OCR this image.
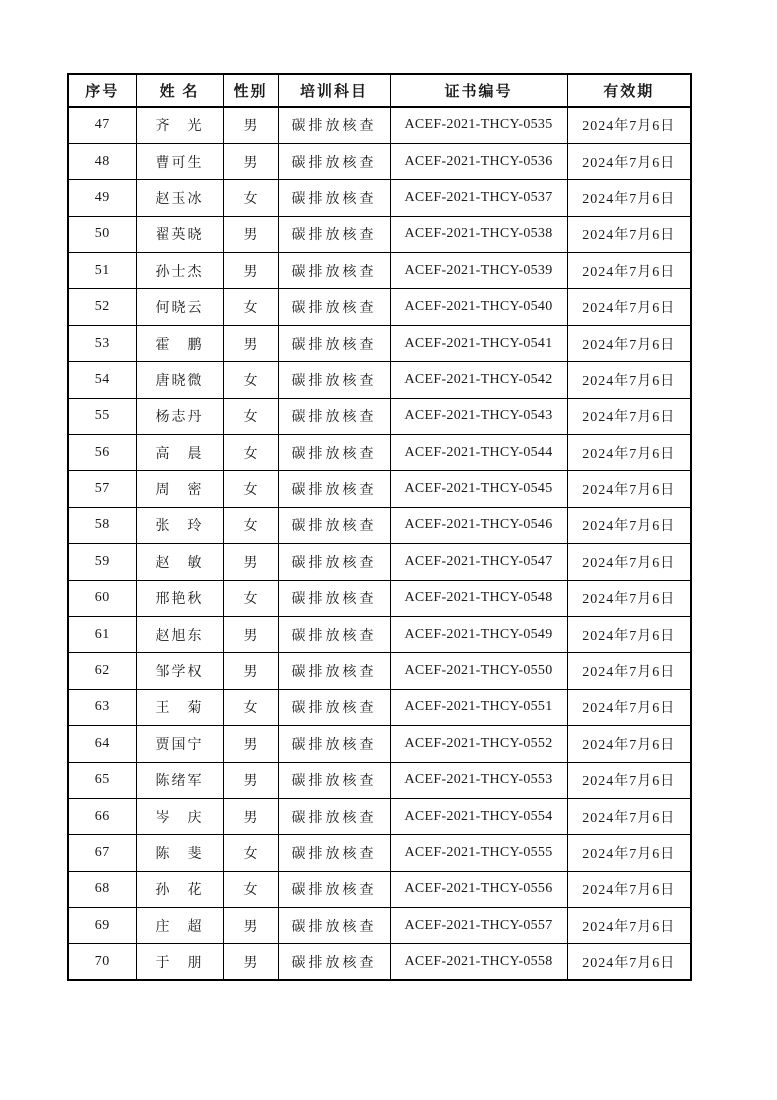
序号	姓 名	性别	培训科目	证书编号	有效期
47	齐　光	男	碳排放核查	ACEF-2021-THCY-0535	2024年7月6日
48	曹可生	男	碳排放核查	ACEF-2021-THCY-0536	2024年7月6日
49	赵玉冰	女	碳排放核查	ACEF-2021-THCY-0537	2024年7月6日
50	翟英晓	男	碳排放核查	ACEF-2021-THCY-0538	2024年7月6日
51	孙士杰	男	碳排放核查	ACEF-2021-THCY-0539	2024年7月6日
52	何晓云	女	碳排放核查	ACEF-2021-THCY-0540	2024年7月6日
53	霍　鹏	男	碳排放核查	ACEF-2021-THCY-0541	2024年7月6日
54	唐晓微	女	碳排放核查	ACEF-2021-THCY-0542	2024年7月6日
55	杨志丹	女	碳排放核查	ACEF-2021-THCY-0543	2024年7月6日
56	高　晨	女	碳排放核查	ACEF-2021-THCY-0544	2024年7月6日
57	周　密	女	碳排放核查	ACEF-2021-THCY-0545	2024年7月6日
58	张　玲	女	碳排放核查	ACEF-2021-THCY-0546	2024年7月6日
59	赵　敏	男	碳排放核查	ACEF-2021-THCY-0547	2024年7月6日
60	邢艳秋	女	碳排放核查	ACEF-2021-THCY-0548	2024年7月6日
61	赵旭东	男	碳排放核查	ACEF-2021-THCY-0549	2024年7月6日
62	邹学权	男	碳排放核查	ACEF-2021-THCY-0550	2024年7月6日
63	王　菊	女	碳排放核查	ACEF-2021-THCY-0551	2024年7月6日
64	贾国宁	男	碳排放核查	ACEF-2021-THCY-0552	2024年7月6日
65	陈绪军	男	碳排放核查	ACEF-2021-THCY-0553	2024年7月6日
66	岑　庆	男	碳排放核查	ACEF-2021-THCY-0554	2024年7月6日
67	陈　斐	女	碳排放核查	ACEF-2021-THCY-0555	2024年7月6日
68	孙　花	女	碳排放核查	ACEF-2021-THCY-0556	2024年7月6日
69	庄　超	男	碳排放核查	ACEF-2021-THCY-0557	2024年7月6日
70	于　朋	男	碳排放核查	ACEF-2021-THCY-0558	2024年7月6日
